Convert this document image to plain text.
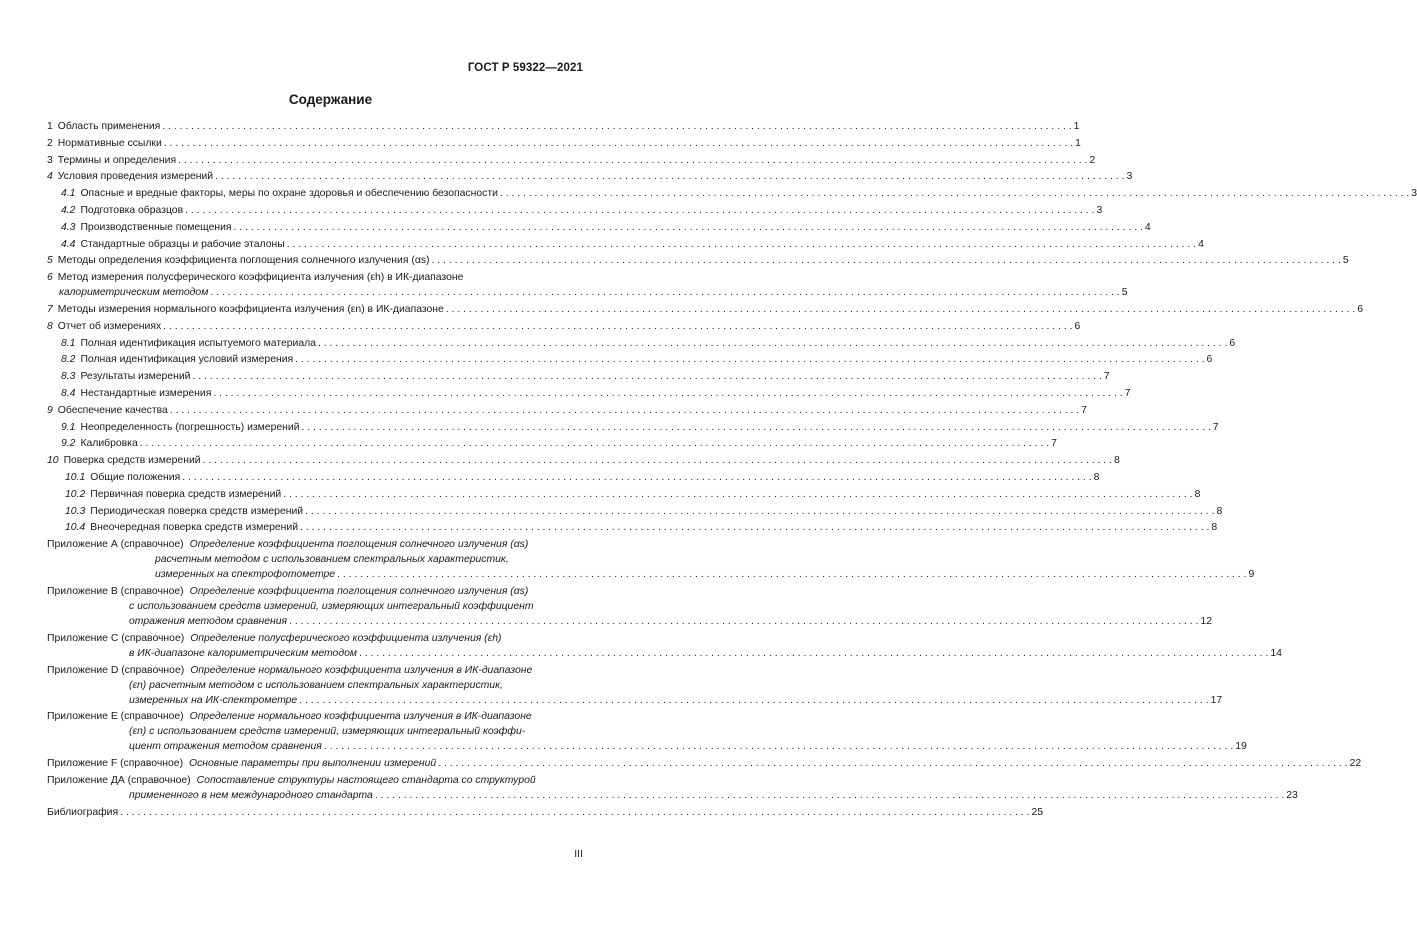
ГОСТ Р 59322—2021
Содержание
1 Область применения . . .	1
2 Нормативные ссылки . . .	1
3 Термины и определения . . .	2
4 Условия проведения измерений . . .	3
4.1 Опасные и вредные факторы, меры по охране здоровья и обеспечению безопасности . . .	3
4.2 Подготовка образцов . . .	3
4.3 Производственные помещения . . .	4
4.4 Стандартные образцы и рабочие эталоны . . .	4
5 Методы определения коэффициента поглощения солнечного излучения (αs) . . .	5
6 Метод измерения полусферического коэффициента излучения (εh) в ИК-диапазоне
калориметрическим методом . . .	5
7 Методы измерения нормального коэффициента излучения (εn) в ИК-диапазоне . . .	6
8 Отчет об измерениях . . .	6
8.1 Полная идентификация испытуемого материала . . .	6
8.2 Полная идентификация условий измерения . . .	6
8.3 Результаты измерений . . .	7
8.4 Нестандартные измерения . . .	7
9 Обеспечение качества . . .	7
9.1 Неопределенность (погрешность) измерений . . .	7
9.2 Калибровка . . .	7
10 Поверка средств измерений . . .	8
10.1 Общие положения . . .	8
10.2 Первичная поверка средств измерений . . .	8
10.3 Периодическая поверка средств измерений . . .	8
10.4 Внеочередная поверка средств измерений . . .	8
Приложение А (справочное) Определение коэффициента поглощения солнечного излучения (αs)
расчетным методом с использованием спектральных характеристик,
измеренных на спектрофотометре . . .	9
Приложение В (справочное) Определение коэффициента поглощения солнечного излучения (αs)
с использованием средств измерений, измеряющих интегральный коэффициент
отражения методом сравнения . . .	12
Приложение С (справочное) Определение полусферического коэффициента излучения (εh)
в ИК-диапазоне калориметрическим методом . . .	14
Приложение D (справочное) Определение нормального коэффициента излучения в ИК-диапазоне
(εn) расчетным методом с использованием спектральных характеристик,
измеренных на ИК-спектрометре . . .	17
Приложение Е (справочное) Определение нормального коэффициента излучения в ИК-диапазоне
(εn) с использованием средств измерений, измеряющих интегральный коэффи-
циент отражения методом сравнения . . .	19
Приложение F (справочное) Основные параметры при выполнении измерений . . .	22
Приложение ДА (справочное) Сопоставление структуры настоящего стандарта со структурой
примененного в нем международного стандарта . . .	23
Библиография . . .	25
III
